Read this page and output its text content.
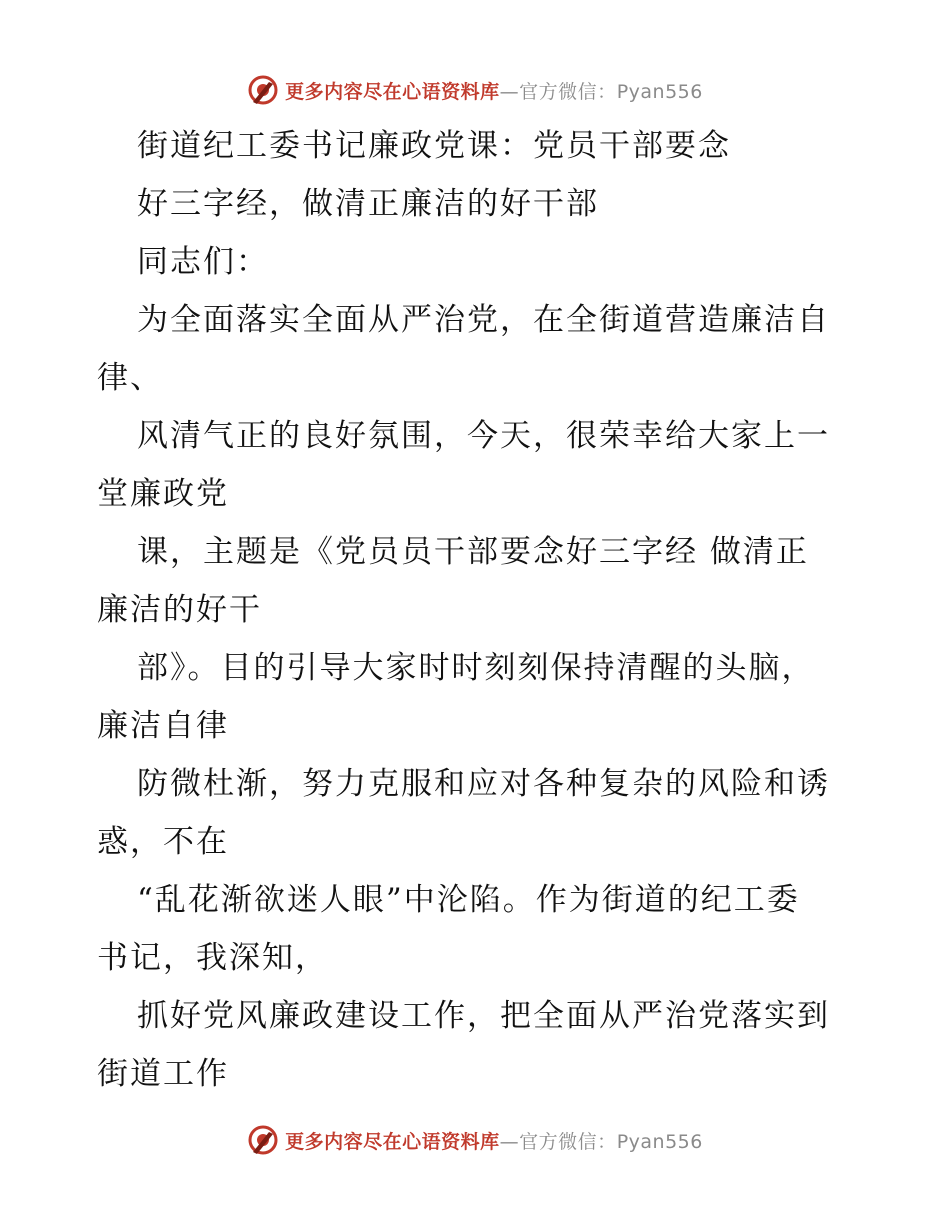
更多内容尽在心语资料库—官方微信：Pyan556
街道纪工委书记廉政党课：党员干部要念
好三字经，做清正廉洁的好干部
同志们：
为全面落实全面从严治党，在全街道营造廉洁自
律、
风清气正的良好氛围，今天，很荣幸给大家上一
堂廉政党
课，主题是《党员员干部要念好三字经 做清正
廉洁的好干
部》。目的引导大家时时刻刻保持清醒的头脑，
廉洁自律
防微杜渐，努力克服和应对各种复杂的风险和诱
惑，不在
“乱花渐欲迷人眼”中沦陷。作为街道的纪工委
书记，我深知，
抓好党风廉政建设工作，把全面从严治党落实到
街道工作
更多内容尽在心语资料库—官方微信：Pyan556
